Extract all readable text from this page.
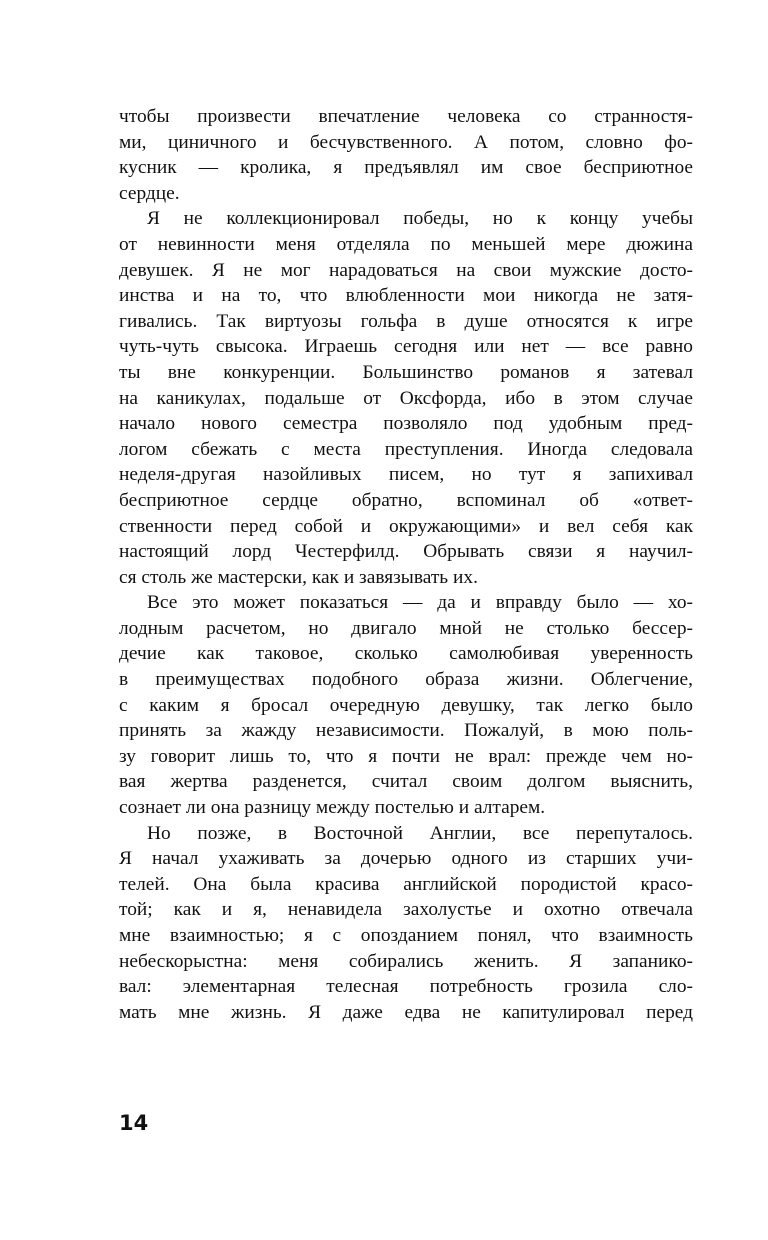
чтобы произвести впечатление человека со странностя-
ми, циничного и бесчувственного. А потом, словно фо-
кусник — кролика, я предъявлял им свое бесприютное
сердце.

Я не коллекционировал победы, но к концу учебы
от невинности меня отделяла по меньшей мере дюжина
девушек. Я не мог нарадоваться на свои мужские досто-
инства и на то, что влюбленности мои никогда не затя-
гивались. Так виртуозы гольфа в душе относятся к игре
чуть-чуть свысока. Играешь сегодня или нет — все равно
ты вне конкуренции. Большинство романов я затевал
на каникулах, подальше от Оксфорда, ибо в этом случае
начало нового семестра позволяло под удобным пред-
логом сбежать с места преступления. Иногда следовала
неделя-другая назойливых писем, но тут я запихивал
бесприютное сердце обратно, вспоминал об «ответ-
ственности перед собой и окружающими» и вел себя как
настоящий лорд Честерфилд. Обрывать связи я научил-
ся столь же мастерски, как и завязывать их.

Все это может показаться — да и вправду было — хо-
лодным расчетом, но двигало мной не столько бессер-
дечие как таковое, сколько самолюбивая уверенность
в преимуществах подобного образа жизни. Облегчение,
с каким я бросал очередную девушку, так легко было
принять за жажду независимости. Пожалуй, в мою поль-
зу говорит лишь то, что я почти не врал: прежде чем но-
вая жертва разденется, считал своим долгом выяснить,
сознает ли она разницу между постелью и алтарем.

Но позже, в Восточной Англии, все перепуталось.
Я начал ухаживать за дочерью одного из старших учи-
телей. Она была красива английской породистой красо-
той; как и я, ненавидела захолустье и охотно отвечала
мне взаимностью; я с опозданием понял, что взаимность
небескорыстна: меня собирались женить. Я запанико-
вал: элементарная телесная потребность грозила сло-
мать мне жизнь. Я даже едва не капитулировал перед

14
